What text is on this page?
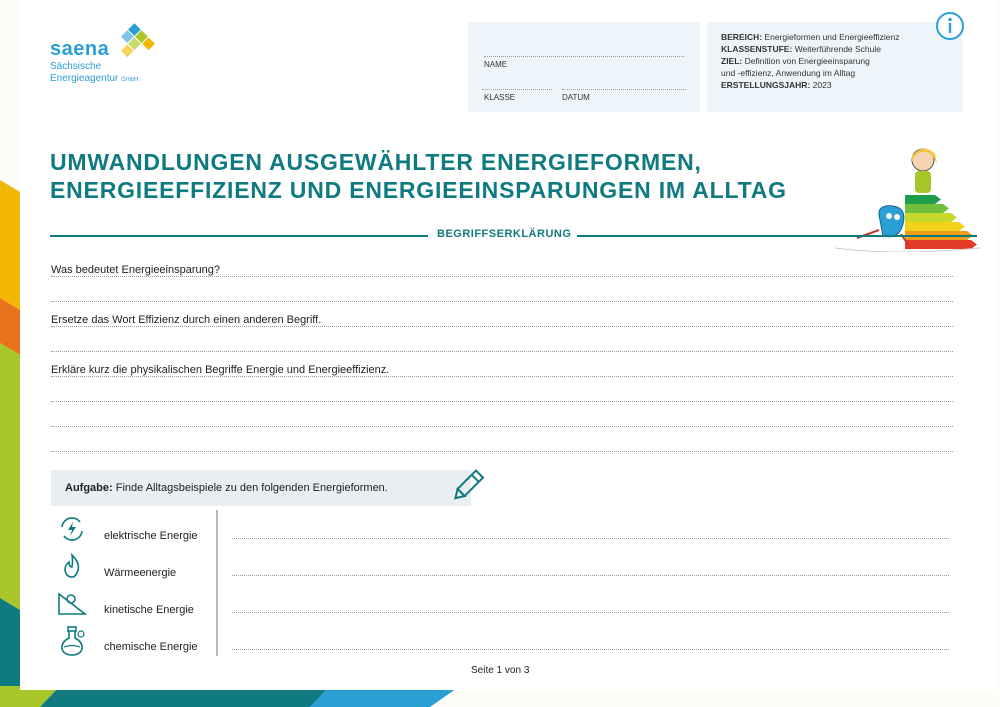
saena
Sächsische
Energieagentur GmbH
NAME
KLASSE	DATUM
BEREICH: Energieformen und Energieeffizienz
KLASSENSTUFE: Weiterführende Schule
ZIEL: Definition von Energieeinsparung
und -effizienz, Anwendung im Alltag
ERSTELLUNGSJAHR: 2023
UMWANDLUNGEN AUSGEWÄHLTER ENERGIEFORMEN,
ENERGIEEFFIZIENZ UND ENERGIEEINSPARUNGEN IM ALLTAG
BEGRIFFSERKLÄRUNG
Was bedeutet Energieeinsparung?
Ersetze das Wort Effizienz durch einen anderen Begriff.
Erkläre kurz die physikalischen Begriffe Energie und Energieeffizienz.
Aufgabe: Finde Alltagsbeispiele zu den folgenden Energieformen.
elektrische Energie
Wärmeenergie
kinetische Energie
chemische Energie
Seite 1 von 3
